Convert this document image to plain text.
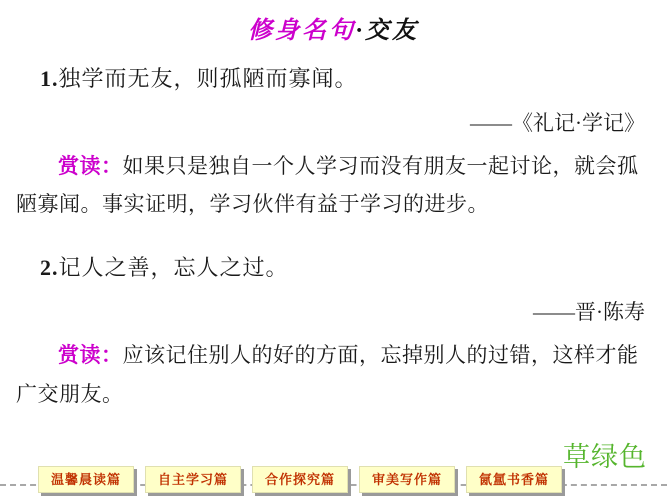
修身名句·交友

1.独学而无友，则孤陋而寡闻。

——《礼记·学记》

赏读：如果只是独自一个人学习而没有朋友一起讨论，就会孤陋寡闻。事实证明，学习伙伴有益于学习的进步。

2.记人之善，忘人之过。

——晋·陈寿

赏读：应该记住别人的好的方面，忘掉别人的过错，这样才能广交朋友。

草绿色
温馨晨读篇	自主学习篇	合作探究篇	审美写作篇	氤氲书香篇
